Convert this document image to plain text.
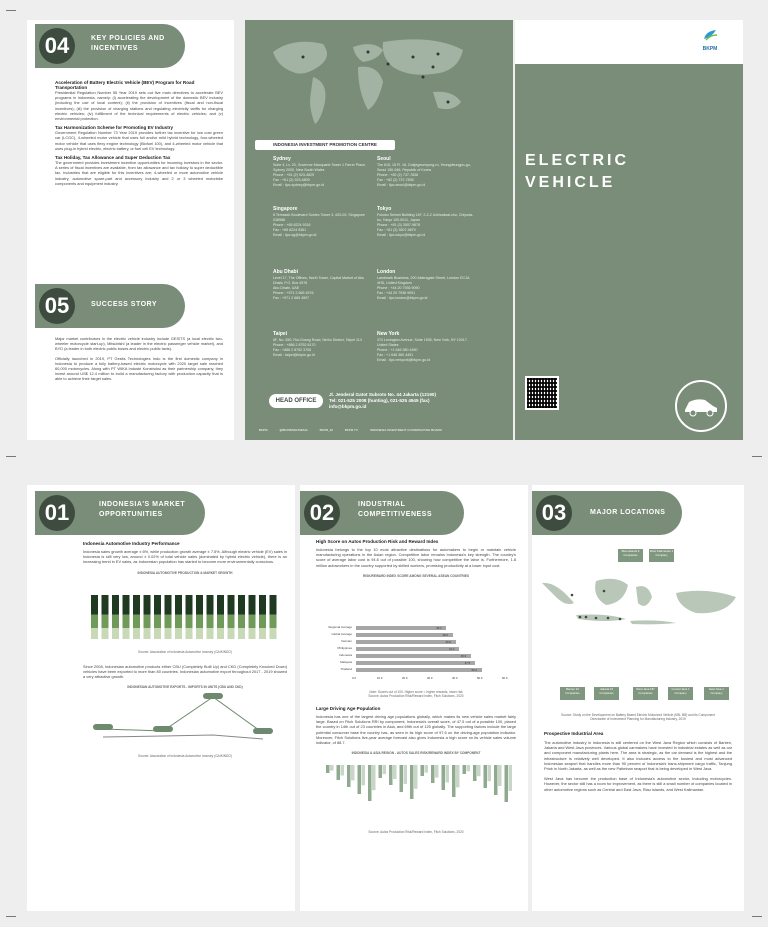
04	KEY POLICIES AND INCENTIVES

Acceleration of Battery Electric Vehicle (BEV) Program for Road Transportation

Presidential Regulation Number 55 Year 2019 sets out five main directives to accelerate BEV programs in Indonesia, namely: (i) accelerating the development of the domestic BEV industry (including the use of local content); (ii) the provision of incentives (fiscal and non-fiscal incentives); (iii) the provision of charging stations and regulating electricity tariffs for charging electric vehicles; (iv) fulfillment of the technical requirements of electric vehicles; and (v) environmental protection.

Tax Harmonization Scheme for Promoting EV Industry

Government Regulation Number 73 Year 2019 provides further tax incentive for low cost green car (LCGC), 4-wheeled motor vehicle that uses full and/or mild hybrid technology, four-wheeled motor vehicle that uses flexy engine technology (Biofuel 100), and 4-wheeled motor vehicle that uses plug-in hybrid electric, electric battery, or fuel cell EV technology.

Tax Holiday, Tax Allowance and Super Deduction Tax

The government provides investment incentive opportunities for incoming investors in the sector. A series of fiscal incentives are available, from tax allowance and tax holiday to super deductible tax. Industries that are eligible for this incentives are; 4-wheeled or more automotive vehicle industry, automotive spare-part and accessory industry and 2 or 3 wheeled motorbike components and equipment industry.

05	SUCCESS STORY

Major market contributors in the electric vehicle industry include GESITS (a local electric two-wheeler motorcycle start-up), Mitsubishi (a leader in the electric passenger vehicle market), and BYD (a leader in both electric public buses and electric public taxis).

Officially launched in 2019, PT Gesits Technologies Indo is the first domestic company in Indonesia to produce a fully battery-based electric motorcycle with 2020 target sale reached 60,000 motorcycles. Along with PT WIKA Industri Konstruksi as their partnership company, they invest around US$ 12.4 million to build a manufacturing factory with production capacity that is able to achieve their target sales.

INDONESIA INVESTMENT PROMOTION CENTRE
Sydney
Suite 4, Lv. 20, Governor Macquarie Tower 1 Farrer Place, Sydney 2000, New South Wales
Phone : +61 (2) 923-4829
Fax : +61 (2) 923-4809
Email : iipc.sydney@bkpm.go.id
Seoul
Tlm 615, 15 Fl. 16, Gukjegeumyung-ro, Yeongdeungpo-gu, Seoul 150-946, Republic of Korea
Phone : +82 (2) 737-7838
Fax : +82 (2) 737-7836
Email : iipc.seoul@bkpm.go.id
Singapore
8 Temasek Boulevard Suntec Tower 3, #20-03, Singapore 038988
Phone : +65 6224 9316
Fax : +65 6224 9361
Email : iipc.sg@bkpm.go.id
Tokyo
Fukoku Seimei Building 14F, 2-2-2 Uchisaiwai-cho, Chiyoda-ku, Tokyo 100-0011, Japan
Phone : +81 (3) 3507-9878
Fax : +81 (3) 3507-9879
Email : iipc.tokyo@bkpm.go.id
Abu Dhabi
Level 17, The Offices, North Tower, Capital Market of Abu Dhabi, P.O. Box 4976
Abu Dhabi, UAE
Phone : +971 2 665 4576
Fax : +971 2 665 4597
London
Landmark Business, 200 Aldersgate Street, London EC1A 4HD, United Kingdom
Phone : +44 20 7936 9090
Fax : +44 20 7936 9091
Email : iipc.london@bkpm.go.id
Taipei
6F, No. 550, Rui-Guang Road, Neihu District, Taipei 114
Phone : +886 2 8752 6170
Fax : +886 2 8752 3706
Email : taipei@bkpm.go.id
New York
370 Lexington Avenue, Suite 1505, New York, NY 10017, United States
Phone : +1 646 380 4450
Fax : +1 646 380 4451
Email : iipc.newyork@bkpm.go.id
HEAD OFFICE
Jl. Jenderal Gatot Subroto No. 44 Jakarta (12190)
Tel: 021-525 2008 (hunting), 021-525 4945 (fax)
info@bkpm.go.id
BKPM	@BKPMINDONESIA	BKPM_ID	BKPM TV	INDONESIA INVESTMENT COORDINATING BOARD
BKPM
ELECTRIC
VEHICLE
01	INDONESIA'S MARKET OPPORTUNITIES

Indonesia Automotive Industry Performance

Indonesia sales growth average ± 6%, while production growth average ± 7.5%. Although electric vehicle (EV) sales in Indonesia is still very low, around ± 0.02% of total vehicle sales (dominated by hybrid electric vehicle), there is an increasing trend in EV sales, as Indonesian population has started to become more environmentally conscious.

INDONESIA AUTOMOTIVE PRODUCTION & MARKET GROWTH
Source: Association of Indonesia Automotive Industry (GAIKINDO)

Since 2008, Indonesian automotive products either CBU (Completely Built Up) and CKD (Completely Knocked Down) vehicles have been exported to more than 80 countries. Indonesian automotive export throughout 2017 - 2019 showed a very attractive growth.

INDONESIAN AUTOMOTIVE EXPORTS - IMPORTS IN UNITS (CBU AND CKD)
Source: Association of Indonesia Automotive Industry (GAIKINDO)
02	INDUSTRIAL COMPETITIVENESS

High Score on Autos Production Risk and Reward Index

Indonesia belongs to the top 10 most attractive destinations for automakers to begin or maintain vehicle manufacturing operations in the Asian region. Competitive labor remains Indonesia's key strength. The country's score of average labor cost is 94.6 out of possible 100, showing how competitive the labor is. Furthermore, 1.8 million autoworkers in the country supported by skilled workers, promising productivity at a lower input cost.

RISK/REWARD INDEX SCORE AMONG SEVERAL ASEAN COUNTRIES
Regional Average	36.1
Global Average	38.6
Vietnam	39.8
Philippines	41.2
Indonesia	45.9
Malaysia	47.5
Thailand	50.2
0.0	10.0	20.0	30.0	40.0	50.0	60.0
Note: Scores out of 100. Higher score = higher rewards, lower risk
Source: Autos Production Risk/Reward Index, Fitch Solutions, 2020

Large Driving Age Population

Indonesia has one of the largest driving age populations globally, which makes its new vehicle sales market fairly large. Based on Fitch Solutions RRI by component, Indonesia's overall score, of 47.5 out of a possible 100, placed the country in 14th out of 23 countries in Asia, and 69th out of 125 globally. The supporting factors include the large potential consumer base the country has, as seen in its high score of 97.6 on the driving-age population indicator. Moreover, Fitch Solutions five-year average forecast also gives Indonesia a high score on its vehicle sales volume indicator, of 88.7.

INDONESIA & ASIA REGION - AUTOS SALES RISK/REWARD INDEX BY COMPONENT
Source: Autos Production Risk/Reward Index, Fitch Solutions, 2020
03	MAJOR LOCATIONS
Riau Islands 9 Companies
West Kalimantan 1 Company
Banten 24 Companies
Jakarta 19 Companies
West Java 187 Companies
Central Java 1 Company
East Java 1 Company
Source: Study on the Development on Battery Based Electric Motorized Vehicle (KBL BB) and its Component
Directorate of Investment Planning for Manufacturing Industry, 2019

Prospective Industrial Area

The automotive industry in Indonesia is still centered on the West Java Region which consists of Banten, Jakarta and West Java provinces. Various global carmakers have invested in industrial estates as well as car and component manufacturing plants here. The area is strategic, as the car demand is the highest and the infrastructure is relatively well developed. It also includes access to the busiest and most advanced Indonesian seaport that handles more than 90 percent of Indonesia's trans-shipment cargo traffic, Tanjung Priok in North Jakarta, as well as the new Patimban seaport that is being developed in West Java.

West Java has become the production base of Indonesia's automotive sector, including motorcycles. However, the sector still has a room for improvement, as there is still a small number of companies located in other automotive regions such as Central and East Java, Riau Islands, and West Kalimantan.
